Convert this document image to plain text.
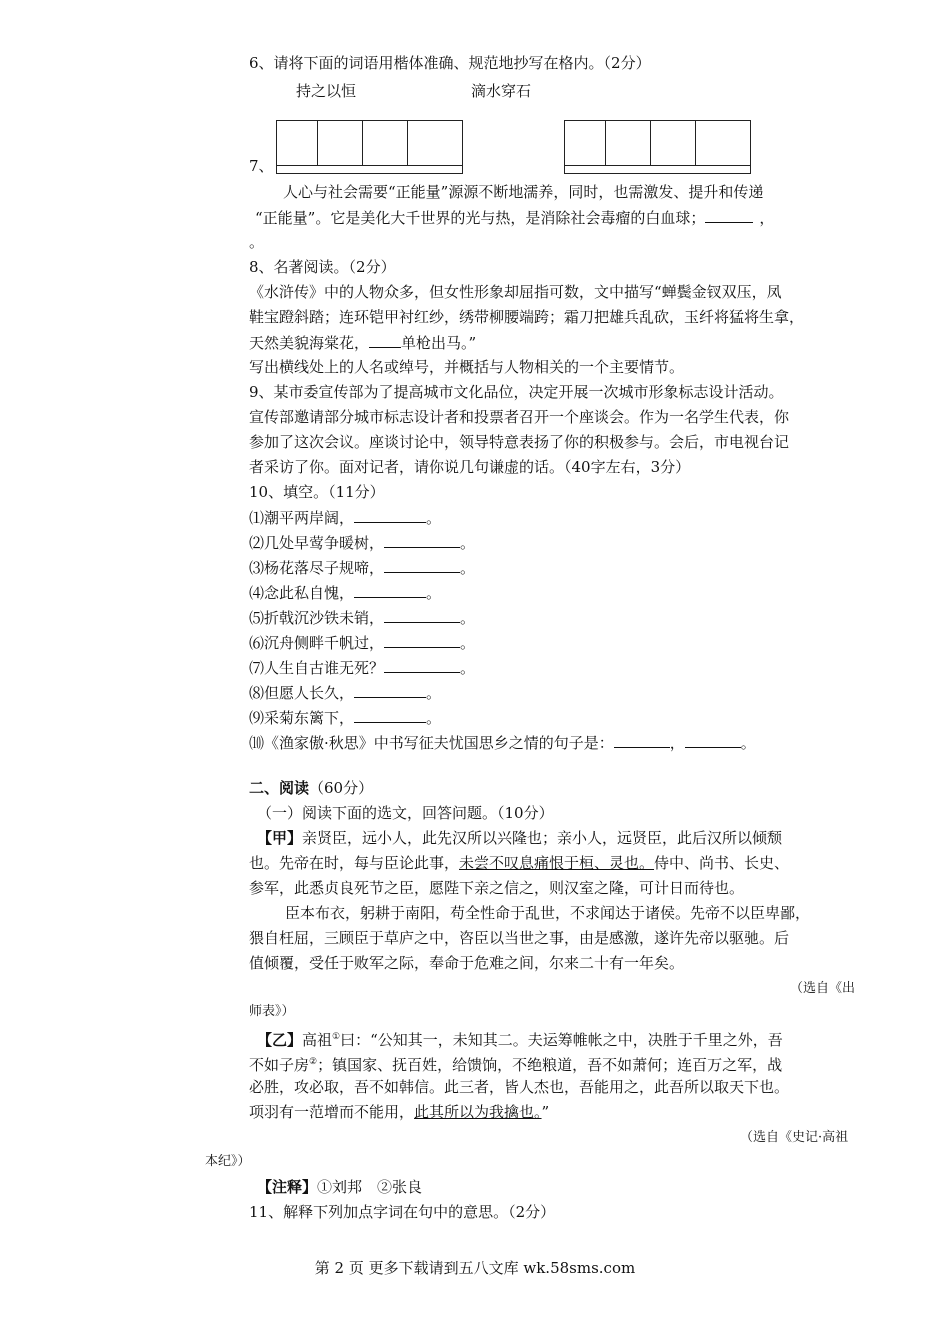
6、请将下面的词语用楷体准确、规范地抄写在格内。（2分）
持之以恒	滴水穿石
7、
人心与社会需要“正能量”源源不断地濡养，同时，也需激发、提升和传递
“正能量”。它是美化大千世界的光与热，是消除社会毒瘤的白血球；	，
。
8、名著阅读。（2分）
《水浒传》中的人物众多，但女性形象却屈指可数，文中描写“蝉鬓金钗双压，凤
鞋宝蹬斜踏；连环铠甲衬红纱，绣带柳腰端跨；霜刀把雄兵乱砍，玉纤将猛将生拿，
天然美貌海棠花， 单枪出马。”
写出横线处上的人名或绰号，并概括与人物相关的一个主要情节。
9、某市委宣传部为了提高城市文化品位，决定开展一次城市形象标志设计活动。
宣传部邀请部分城市标志设计者和投票者召开一个座谈会。作为一名学生代表，你
参加了这次会议。座谈讨论中，领导特意表扬了你的积极参与。会后，市电视台记
者采访了你。面对记者，请你说几句谦虚的话。（40字左右，3分）
10、填空。（11分）
⑴潮平两岸阔，	。
⑵几处早莺争暖树，	。
⑶杨花落尽子规啼，	。
⑷念此私自愧，	。
⑸折戟沉沙铁未销，	。
⑹沉舟侧畔千帆过，	。
⑺人生自古谁无死？	。
⑻但愿人长久，	。
⑼采菊东篱下，	。
⑽《渔家傲·秋思》中书写征夫忧国思乡之情的句子是：	，	。
二、阅读（60分）
（一）阅读下面的选文，回答问题。（10分）
【甲】亲贤臣，远小人，此先汉所以兴隆也；亲小人，远贤臣，此后汉所以倾颓
也。先帝在时，每与臣论此事，未尝不叹息痛恨于桓、灵也。侍中、尚书、长史、
参军，此悉贞良死节之臣，愿陛下亲之信之，则汉室之隆，可计日而待也。
臣本布衣，躬耕于南阳，苟全性命于乱世，不求闻达于诸侯。先帝不以臣卑鄙，
猥自枉屈，三顾臣于草庐之中，咨臣以当世之事，由是感激，遂许先帝以驱驰。后
值倾覆，受任于败军之际，奉命于危难之间，尔来二十有一年矣。
（选自《出
师表》）
【乙】高祖①曰：“公知其一，未知其二。夫运筹帷帐之中，决胜于千里之外，吾
不如子房②；镇国家、抚百姓，给馈饷，不绝粮道，吾不如萧何；连百万之军，战
必胜，攻必取，吾不如韩信。此三者，皆人杰也，吾能用之，此吾所以取天下也。
项羽有一范增而不能用，此其所以为我擒也。”
（选自《史记·高祖
本纪》）
【注释】①刘邦　②张良
11、解释下列加点字词在句中的意思。（2分）
第 2 页 更多下载请到五八文库 wk.58sms.com
